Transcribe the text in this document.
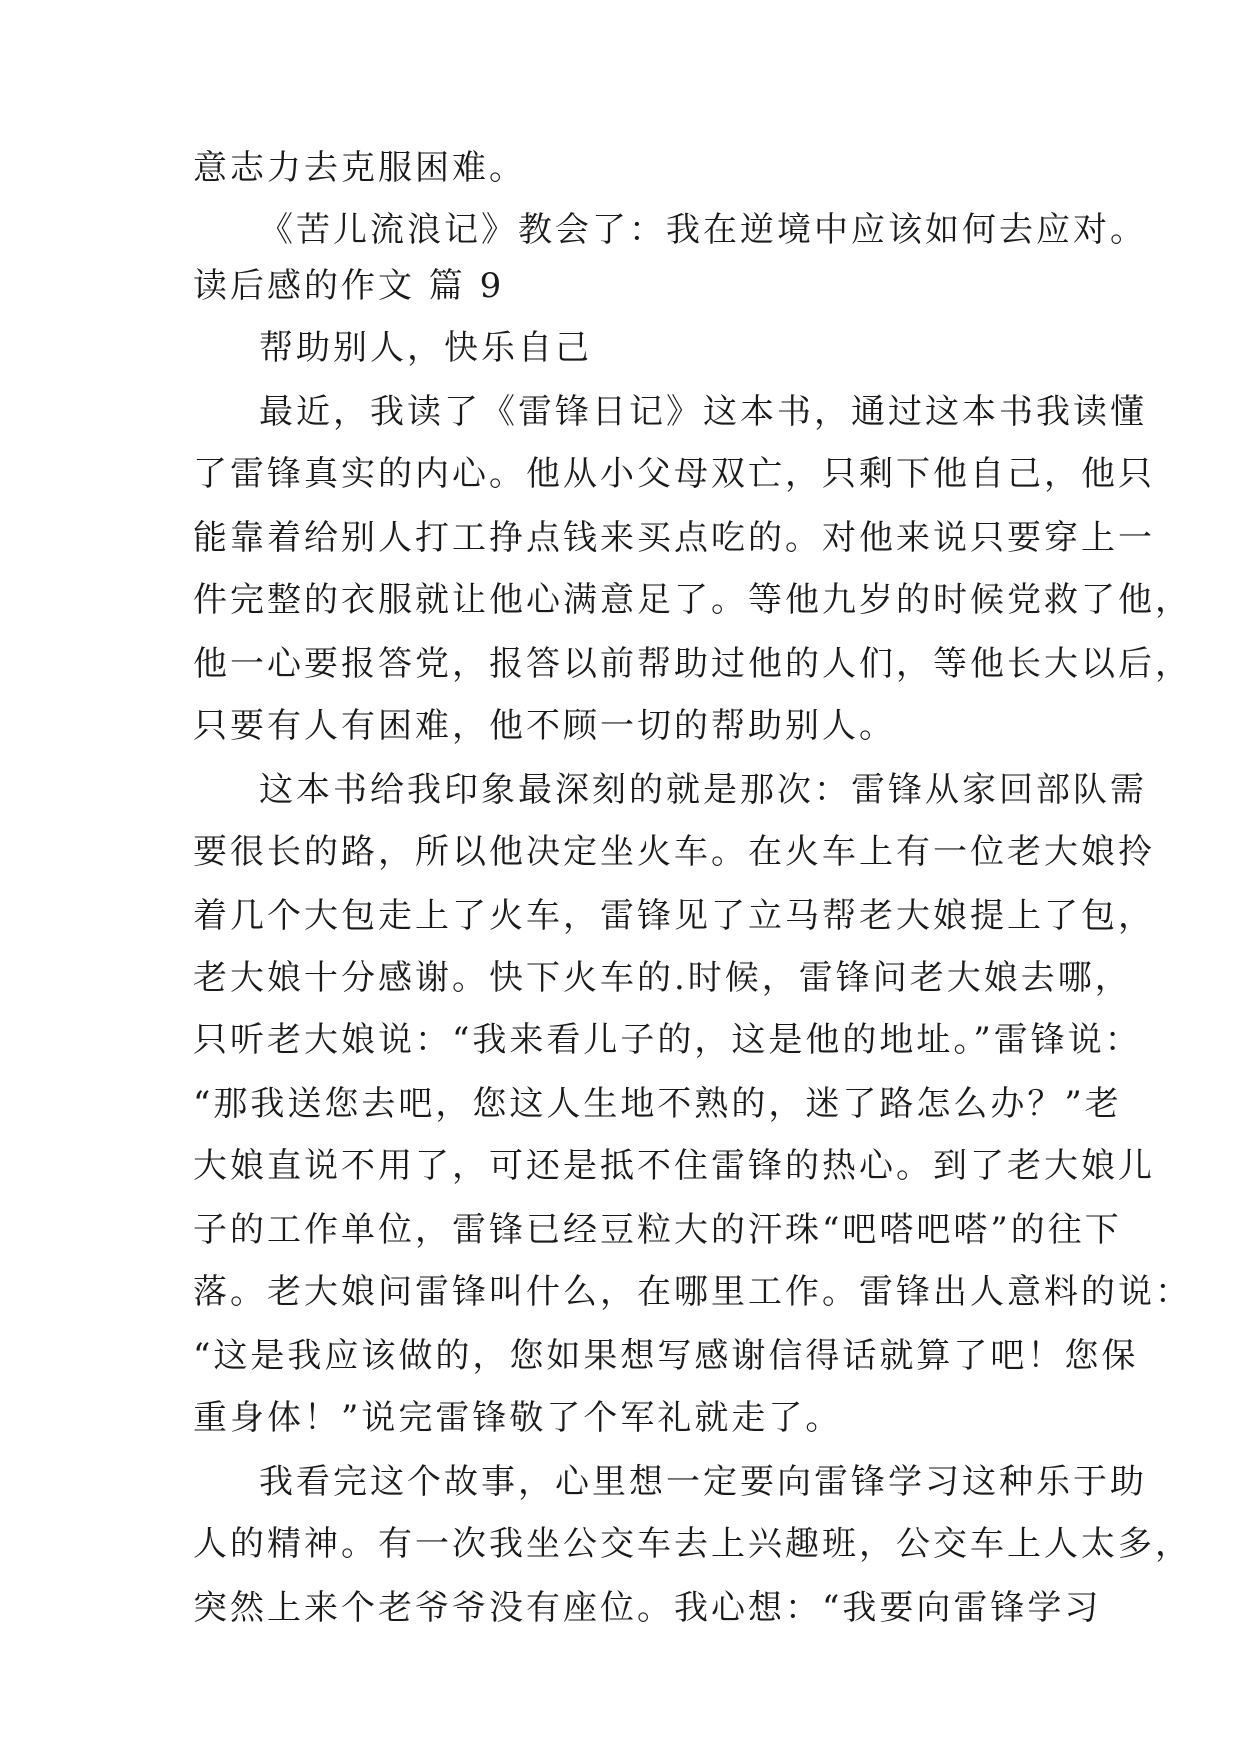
意志力去克服困难。
《苦儿流浪记》教会了：我在逆境中应该如何去应对。
读后感的作文 篇 9
帮助别人，快乐自己
最近，我读了《雷锋日记》这本书，通过这本书我读懂
了雷锋真实的内心。他从小父母双亡，只剩下他自己，他只
能靠着给别人打工挣点钱来买点吃的。对他来说只要穿上一
件完整的衣服就让他心满意足了。等他九岁的时候党救了他，
他一心要报答党，报答以前帮助过他的人们，等他长大以后，
只要有人有困难，他不顾一切的帮助别人。
这本书给我印象最深刻的就是那次：雷锋从家回部队需
要很长的路，所以他决定坐火车。在火车上有一位老大娘拎
着几个大包走上了火车，雷锋见了立马帮老大娘提上了包，
老大娘十分感谢。快下火车的.时候，雷锋问老大娘去哪，
只听老大娘说：“我来看儿子的，这是他的地址。”雷锋说：
“那我送您去吧，您这人生地不熟的，迷了路怎么办？”老
大娘直说不用了，可还是抵不住雷锋的热心。到了老大娘儿
子的工作单位，雷锋已经豆粒大的汗珠“吧嗒吧嗒”的往下
落。老大娘问雷锋叫什么，在哪里工作。雷锋出人意料的说：
“这是我应该做的，您如果想写感谢信得话就算了吧！您保
重身体！”说完雷锋敬了个军礼就走了。
我看完这个故事，心里想一定要向雷锋学习这种乐于助
人的精神。有一次我坐公交车去上兴趣班，公交车上人太多，
突然上来个老爷爷没有座位。我心想：“我要向雷锋学习
